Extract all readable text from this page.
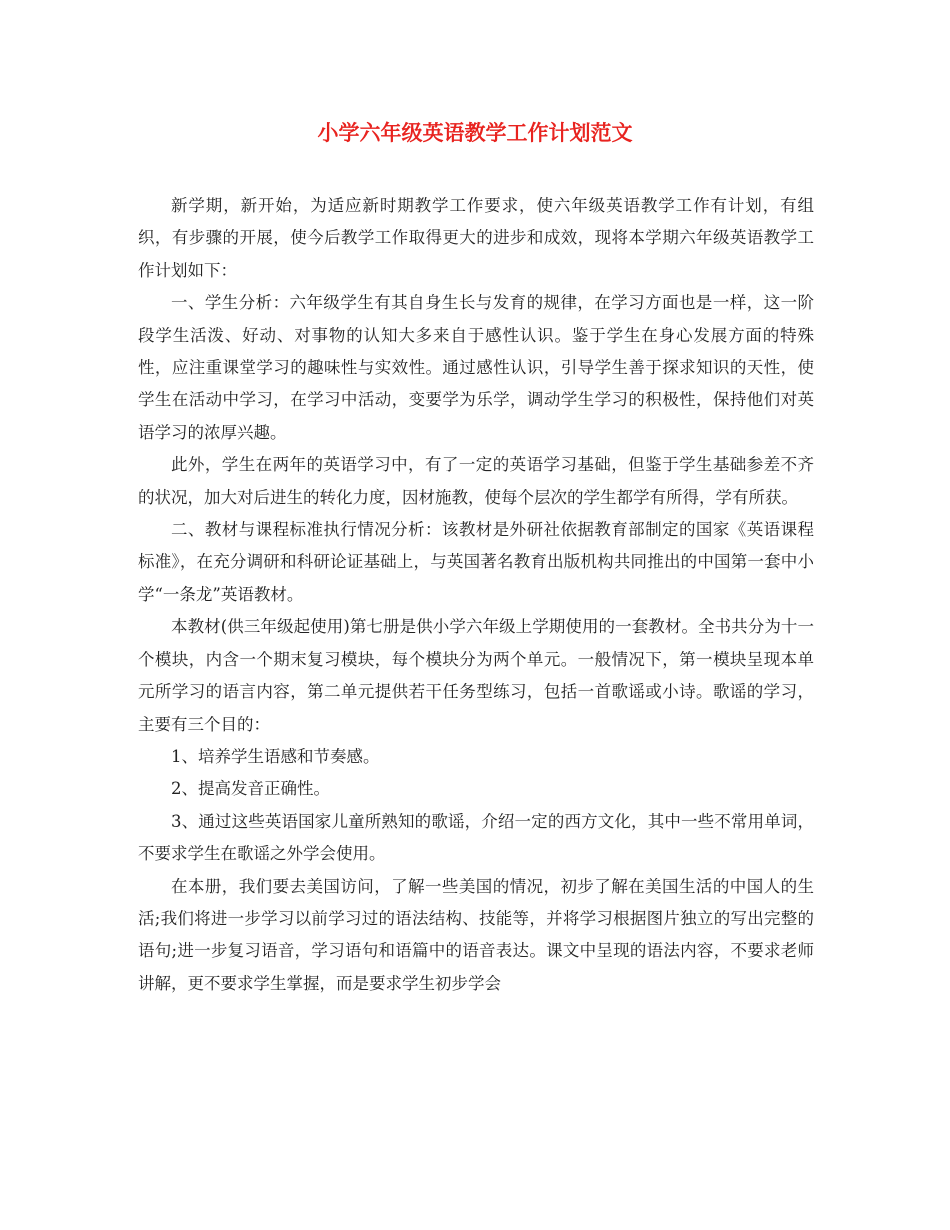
小学六年级英语教学工作计划范文

新学期，新开始，为适应新时期教学工作要求，使六年级英语教学工作有计划，有组织，有步骤的开展，使今后教学工作取得更大的进步和成效，现将本学期六年级英语教学工作计划如下：

一、学生分析：六年级学生有其自身生长与发育的规律，在学习方面也是一样，这一阶段学生活泼、好动、对事物的认知大多来自于感性认识。鉴于学生在身心发展方面的特殊性，应注重课堂学习的趣味性与实效性。通过感性认识，引导学生善于探求知识的天性，使学生在活动中学习，在学习中活动，变要学为乐学，调动学生学习的积极性，保持他们对英语学习的浓厚兴趣。

此外，学生在两年的英语学习中，有了一定的英语学习基础，但鉴于学生基础参差不齐的状况，加大对后进生的转化力度，因材施教，使每个层次的学生都学有所得，学有所获。

二、教材与课程标准执行情况分析：该教材是外研社依据教育部制定的国家《英语课程标准》，在充分调研和科研论证基础上，与英国著名教育出版机构共同推出的中国第一套中小学“一条龙”英语教材。

本教材(供三年级起使用)第七册是供小学六年级上学期使用的一套教材。全书共分为十一个模块，内含一个期末复习模块，每个模块分为两个单元。一般情况下，第一模块呈现本单元所学习的语言内容，第二单元提供若干任务型练习，包括一首歌谣或小诗。歌谣的学习，主要有三个目的：

1、培养学生语感和节奏感。

2、提高发音正确性。

3、通过这些英语国家儿童所熟知的歌谣，介绍一定的西方文化，其中一些不常用单词，不要求学生在歌谣之外学会使用。

在本册，我们要去美国访问，了解一些美国的情况，初步了解在美国生活的中国人的生活;我们将进一步学习以前学习过的语法结构、技能等，并将学习根据图片独立的写出完整的语句;进一步复习语音，学习语句和语篇中的语音表达。课文中呈现的语法内容，不要求老师讲解，更不要求学生掌握，而是要求学生初步学会
